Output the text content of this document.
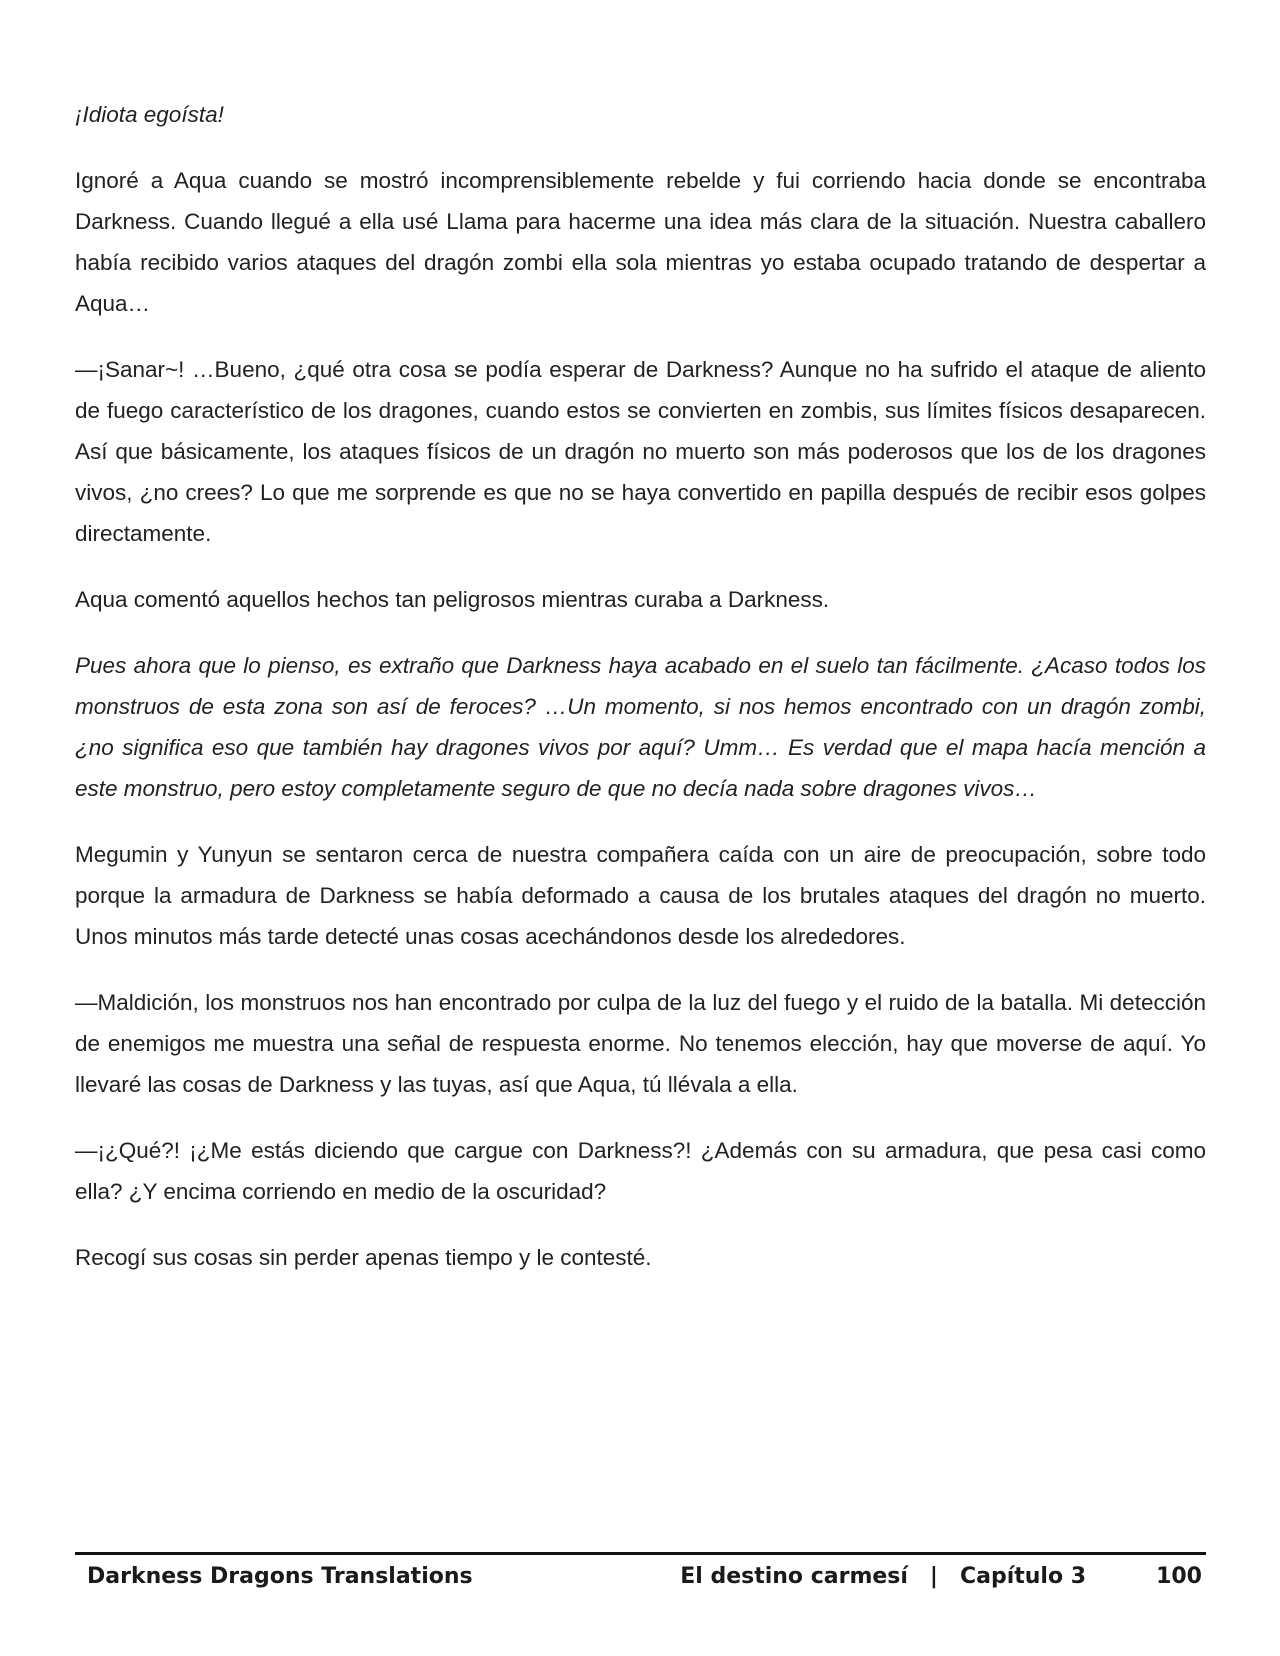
¡Idiota egoísta!

Ignoré a Aqua cuando se mostró incomprensiblemente rebelde y fui corriendo hacia donde se encontraba Darkness. Cuando llegué a ella usé Llama para hacerme una idea más clara de la situación. Nuestra caballero había recibido varios ataques del dragón zombi ella sola mientras yo estaba ocupado tratando de despertar a Aqua…

—¡Sanar~! …Bueno, ¿qué otra cosa se podía esperar de Darkness? Aunque no ha sufrido el ataque de aliento de fuego característico de los dragones, cuando estos se convierten en zombis, sus límites físicos desaparecen. Así que básicamente, los ataques físicos de un dragón no muerto son más poderosos que los de los dragones vivos, ¿no crees? Lo que me sorprende es que no se haya convertido en papilla después de recibir esos golpes directamente.

Aqua comentó aquellos hechos tan peligrosos mientras curaba a Darkness.

Pues ahora que lo pienso, es extraño que Darkness haya acabado en el suelo tan fácilmente. ¿Acaso todos los monstruos de esta zona son así de feroces? …Un momento, si nos hemos encontrado con un dragón zombi, ¿no significa eso que también hay dragones vivos por aquí? Umm… Es verdad que el mapa hacía mención a este monstruo, pero estoy completamente seguro de que no decía nada sobre dragones vivos…

Megumin y Yunyun se sentaron cerca de nuestra compañera caída con un aire de preocupación, sobre todo porque la armadura de Darkness se había deformado a causa de los brutales ataques del dragón no muerto. Unos minutos más tarde detecté unas cosas acechándonos desde los alrededores.

—Maldición, los monstruos nos han encontrado por culpa de la luz del fuego y el ruido de la batalla. Mi detección de enemigos me muestra una señal de respuesta enorme. No tenemos elección, hay que moverse de aquí. Yo llevaré las cosas de Darkness y las tuyas, así que Aqua, tú llévala a ella.

—¡¿Qué?! ¡¿Me estás diciendo que cargue con Darkness?! ¿Además con su armadura, que pesa casi como ella? ¿Y encima corriendo en medio de la oscuridad?

Recogí sus cosas sin perder apenas tiempo y le contesté.

Darkness Dragons Translations	El destino carmesí | Capítulo 3	100
